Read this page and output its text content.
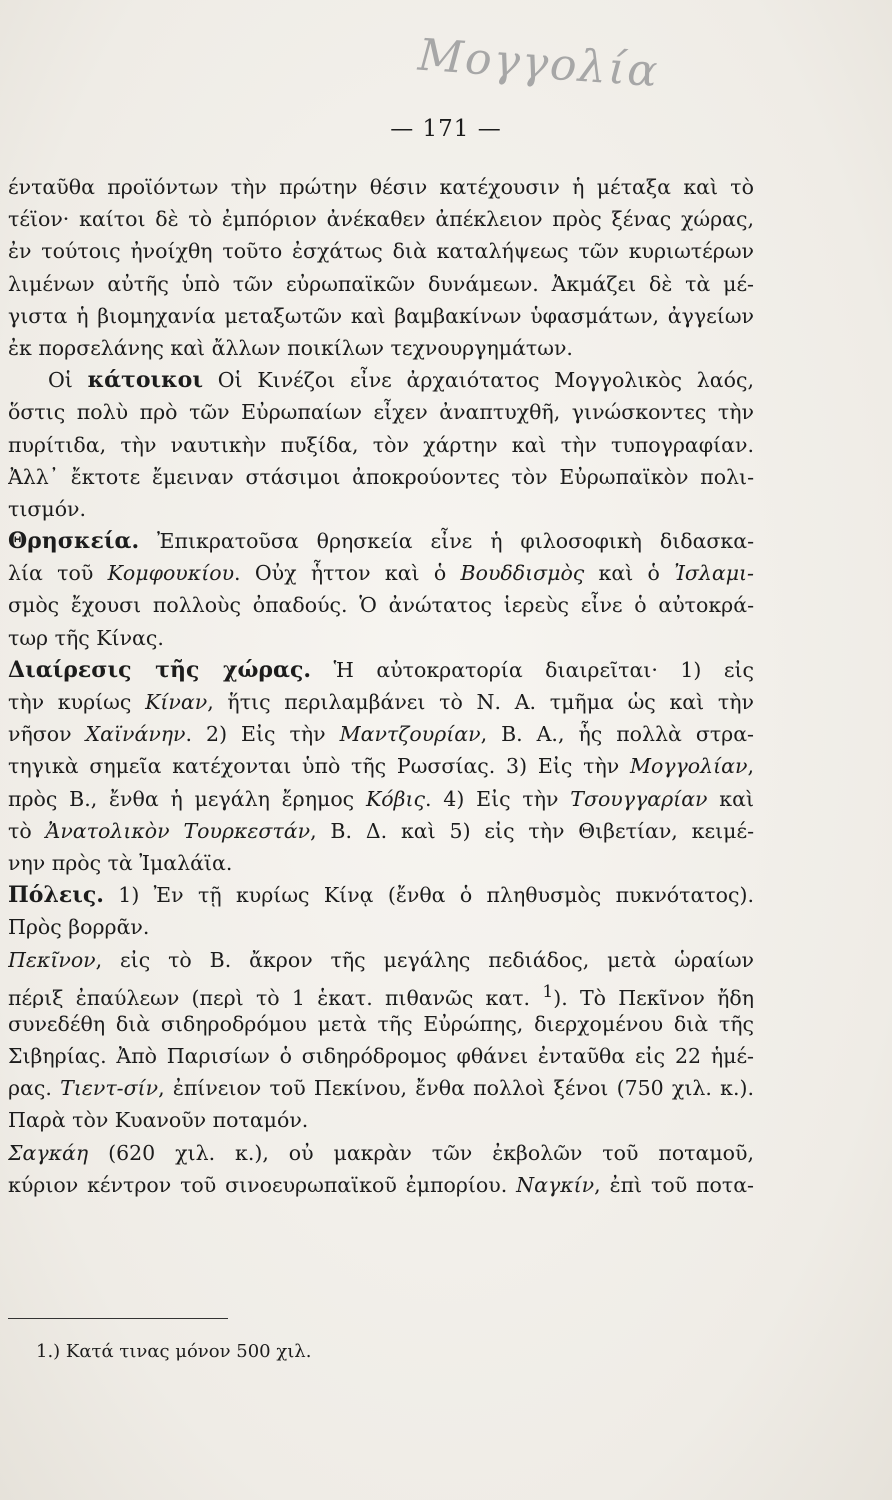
Μογγολία
— 171 —
ένταῦθα προϊόντων τὴν πρώτην θέσιν κατέχουσιν ἡ μέταξα καὶ τὸ
τέϊον· καίτοι δὲ τὸ ἐμπόριον ἀνέκαθεν ἀπέκλειον πρὸς ξένας χώρας,
ἐν τούτοις ἠνοίχθη τοῦτο ἐσχάτως διὰ καταλήψεως τῶν κυριωτέρων
λιμένων αὐτῆς ὑπὸ τῶν εὐρωπαϊκῶν δυνάμεων. Ἀκμάζει δὲ τὰ μέ-
γιστα ἡ βιομηχανία μεταξωτῶν καὶ βαμβακίνων ὑφασμάτων, ἀγγείων
ἐκ πορσελάνης καὶ ἄλλων ποικίλων τεχνουργημάτων.
Οἱ κάτοικοι Οἱ Κινέζοι εἶνε ἀρχαιότατος Μογγολικὸς λαός,
ὅστις πολὺ πρὸ τῶν Εὐρωπαίων εἶχεν ἀναπτυχθῆ, γινώσκοντες τὴν
πυρίτιδα, τὴν ναυτικὴν πυξίδα, τὸν χάρτην καὶ τὴν τυπογραφίαν.
Ἀλλ᾽ ἔκτοτε ἔμειναν στάσιμοι ἀποκρούοντες τὸν Εὐρωπαϊκὸν πολι-
τισμόν.
Θρησκεία. Ἐπικρατοῦσα θρησκεία εἶνε ἡ φιλοσοφικὴ διδασκα-
λία τοῦ Κομφουκίου. Οὐχ ἧττον καὶ ὁ Βουδδισμὸς καὶ ὁ Ἰσλαμι-
σμὸς ἔχουσι πολλοὺς ὀπαδούς. Ὁ ἀνώτατος ἱερεὺς εἶνε ὁ αὐτοκρά-
τωρ τῆς Κίνας.
Διαίρεσις τῆς χώρας. Ἡ αὐτοκρατορία διαιρεῖται· 1) εἰς
τὴν κυρίως Κίναν, ἥτις περιλαμβάνει τὸ Ν. Α. τμῆμα ὡς καὶ τὴν
νῆσον Χαϊνάνην. 2) Εἰς τὴν Μαντζουρίαν, Β. Α., ἧς πολλὰ στρα-
τηγικὰ σημεῖα κατέχονται ὑπὸ τῆς Ρωσσίας. 3) Εἰς τὴν Μογγολίαν,
πρὸς Β., ἔνθα ἡ μεγάλη ἔρημος Κόβις. 4) Εἰς τὴν Τσουγγαρίαν καὶ
τὸ Ἀνατολικὸν Τουρκεστάν, Β. Δ. καὶ 5) εἰς τὴν Θιβετίαν, κειμέ-
νην πρὸς τὰ Ἰμαλάϊα.
Πόλεις. 1) Ἐν τῇ κυρίως Κίνᾳ (ἔνθα ὁ πληθυσμὸς πυκνότατος).
Πρὸς βορρᾶν.
Πεκῖνον, εἰς τὸ Β. ἄκρον τῆς μεγάλης πεδιάδος, μετὰ ὡραίων
πέριξ ἐπαύλεων (περὶ τὸ 1 ἑκατ. πιθανῶς κατ. $^1$). Τὸ Πεκῖνον ἤδη
συνεδέθη διὰ σιδηροδρόμου μετὰ τῆς Εὐρώπης, διερχομένου διὰ τῆς
Σιβηρίας. Ἀπὸ Παρισίων ὁ σιδηρόδρομος φθάνει ἐνταῦθα εἰς 22 ἡμέ-
ρας. Τιεντ-σίν, ἐπίνειον τοῦ Πεκίνου, ἔνθα πολλοὶ ξένοι (750 χιλ. κ.).
Παρὰ τὸν Κυανοῦν ποταμόν.
Σαγκάη (620 χιλ. κ.), οὐ μακρὰν τῶν ἐκβολῶν τοῦ ποταμοῦ,
κύριον κέντρον τοῦ σινοευρωπαϊκοῦ ἐμπορίου. Ναγκίν, ἐπὶ τοῦ ποτα-
1.) Κατά τινας μόνον 500 χιλ.
